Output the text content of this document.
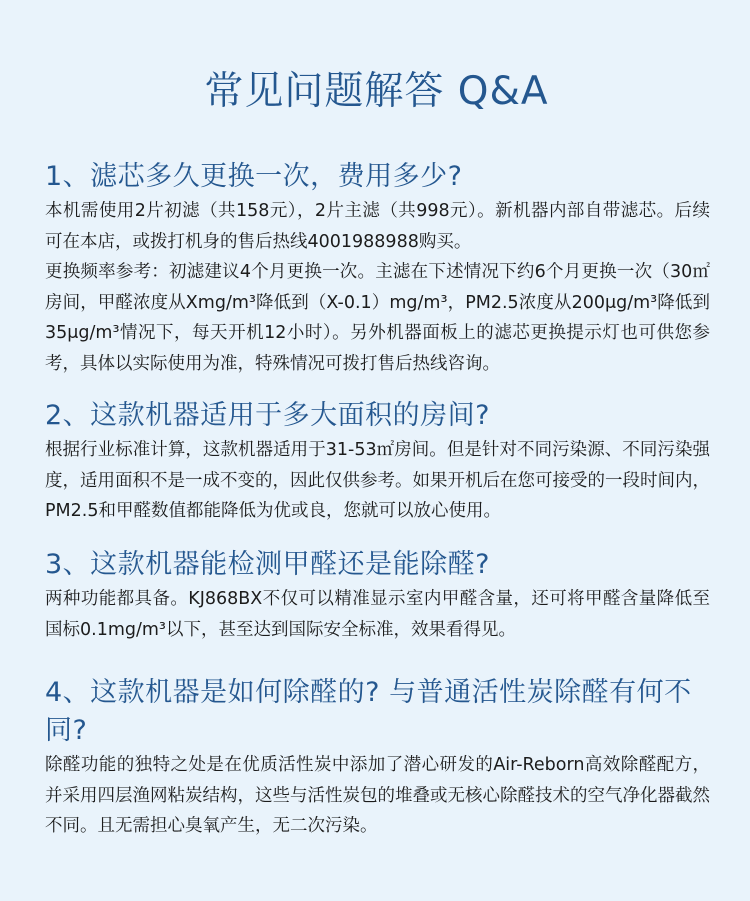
常见问题解答 Q&A
1、滤芯多久更换一次，费用多少?

本机需使用2片初滤（共158元），2片主滤（共998元）。新机器内部自带滤芯。后续可在本店，或拨打机身的售后热线4001988988购买。

更换频率参考：初滤建议4个月更换一次。主滤在下述情况下约6个月更换一次（30㎡房间，甲醛浓度从Xmg/m³降低到（X-0.1）mg/m³，PM2.5浓度从200μg/m³降低到35μg/m³情况下，每天开机12小时）。另外机器面板上的滤芯更换提示灯也可供您参考，具体以实际使用为准，特殊情况可拨打售后热线咨询。

2、这款机器适用于多大面积的房间?

根据行业标准计算，这款机器适用于31-53㎡房间。但是针对不同污染源、不同污染强度，适用面积不是一成不变的，因此仅供参考。如果开机后在您可接受的一段时间内，PM2.5和甲醛数值都能降低为优或良，您就可以放心使用。

3、这款机器能检测甲醛还是能除醛?

两种功能都具备。KJ868BX不仅可以精准显示室内甲醛含量，还可将甲醛含量降低至国标0.1mg/m³以下，甚至达到国际安全标准，效果看得见。

4、这款机器是如何除醛的? 与普通活性炭除醛有何不同?

除醛功能的独特之处是在优质活性炭中添加了潜心研发的Air-Reborn高效除醛配方，并采用四层渔网粘炭结构，这些与活性炭包的堆叠或无核心除醛技术的空气净化器截然不同。且无需担心臭氧产生，无二次污染。
